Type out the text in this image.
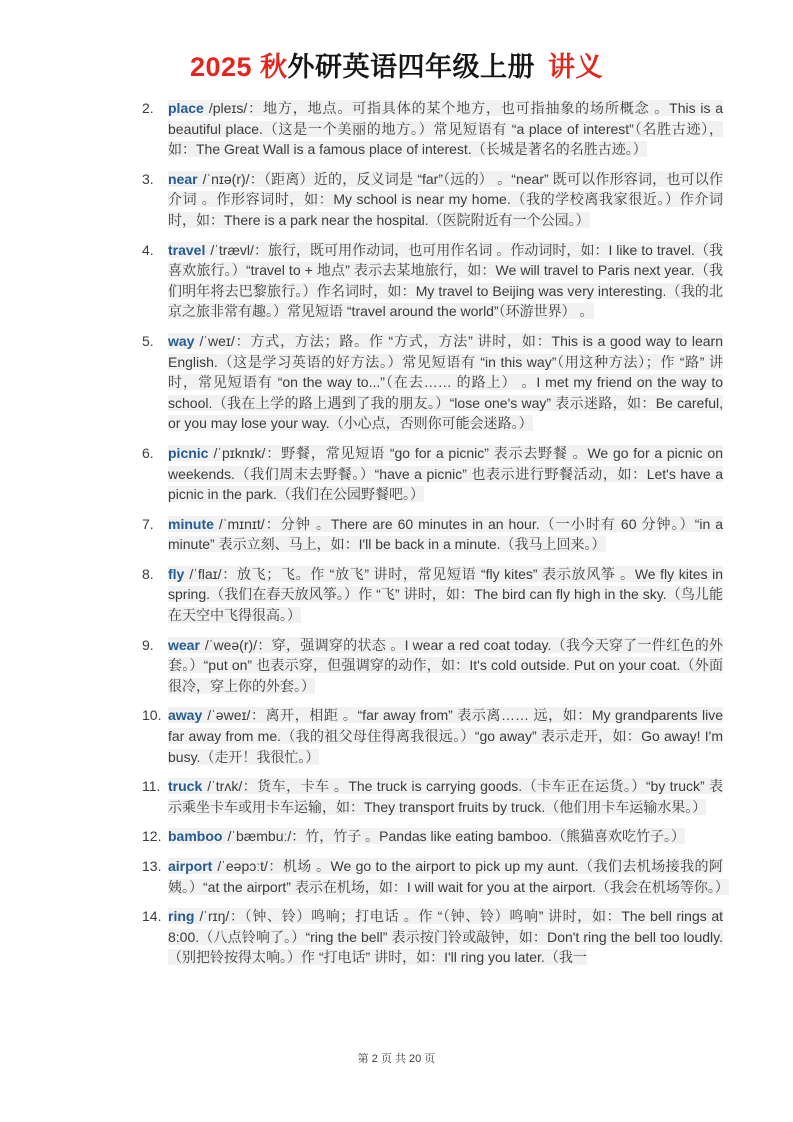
2025 秋外研英语四年级上册 讲义
2.	place /pleɪs/：地方，地点。可指具体的某个地方，也可指抽象的场所概念 。This is a beautiful place.（这是一个美丽的地方。）常见短语有 “a place of interest”（名胜古迹），如：The Great Wall is a famous place of interest.（长城是著名的名胜古迹。）

3.	near /ˈnɪə(r)/：（距离）近的，反义词是 “far”（远的） 。“near” 既可以作形容词，也可以作介词 。作形容词时，如：My school is near my home.（我的学校离我家很近。）作介词时，如：There is a park near the hospital.（医院附近有一个公园。）

4.	travel /ˈtrævl/：旅行，既可用作动词，也可用作名词 。作动词时，如：I like to travel.（我喜欢旅行。）“travel to + 地点” 表示去某地旅行，如：We will travel to Paris next year.（我们明年将去巴黎旅行。）作名词时，如：My travel to Beijing was very interesting.（我的北京之旅非常有趣。）常见短语 “travel around the world”（环游世界） 。

5.	way /ˈweɪ/：方式，方法；路。作 “方式，方法” 讲时，如：This is a good way to learn English.（这是学习英语的好方法。）常见短语有 “in this way”（用这种方法）；作 “路” 讲时，常见短语有 “on the way to...”（在去…… 的路上） 。I met my friend on the way to school.（我在上学的路上遇到了我的朋友。）“lose one's way” 表示迷路，如：Be careful, or you may lose your way.（小心点，否则你可能会迷路。）

6.	picnic /ˈpɪknɪk/：野餐，常见短语 “go for a picnic” 表示去野餐 。We go for a picnic on weekends.（我们周末去野餐。）“have a picnic” 也表示进行野餐活动，如：Let's have a picnic in the park.（我们在公园野餐吧。）

7.	minute /ˈmɪnɪt/：分钟 。There are 60 minutes in an hour.（一小时有 60 分钟。）“in a minute” 表示立刻、马上，如：I'll be back in a minute.（我马上回来。）

8.	fly /ˈflaɪ/：放飞；飞。作 “放飞” 讲时，常见短语 “fly kites” 表示放风筝 。We fly kites in spring.（我们在春天放风筝。）作 “飞” 讲时，如：The bird can fly high in the sky.（鸟儿能在天空中飞得很高。）

9.	wear /ˈweə(r)/：穿，强调穿的状态 。I wear a red coat today.（我今天穿了一件红色的外套。）“put on” 也表示穿，但强调穿的动作，如：It's cold outside. Put on your coat.（外面很冷，穿上你的外套。）

10. away /ˈəweɪ/：离开，相距 。“far away from” 表示离…… 远，如：My grandparents live far away from me.（我的祖父母住得离我很远。）“go away” 表示走开，如：Go away! I'm busy.（走开！我很忙。）

11. truck /ˈtrʌk/：货车，卡车 。The truck is carrying goods.（卡车正在运货。）“by truck” 表示乘坐卡车或用卡车运输，如：They transport fruits by truck.（他们用卡车运输水果。）

12. bamboo /ˈbæmbuː/：竹，竹子 。Pandas like eating bamboo.（熊猫喜欢吃竹子。）

13. airport /ˈeəpɔːt/：机场 。We go to the airport to pick up my aunt.（我们去机场接我的阿姨。）“at the airport” 表示在机场，如：I will wait for you at the airport.（我会在机场等你。）

14. ring /ˈrɪŋ/：（钟、铃）鸣响；打电话 。作 “（钟、铃）鸣响” 讲时，如：The bell rings at 8:00.（八点铃响了。）“ring the bell” 表示按门铃或敲钟，如：Don't ring the bell too loudly.（别把铃按得太响。）作 “打电话” 讲时，如：I'll ring you later.（我一

第 2 页 共 20 页
